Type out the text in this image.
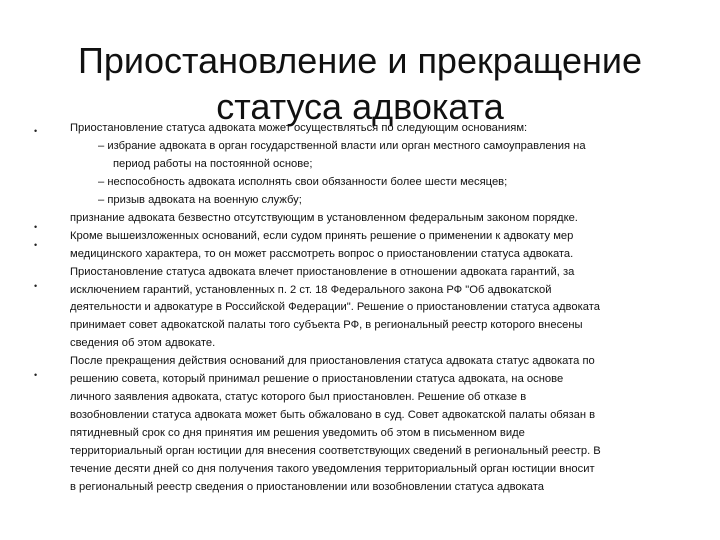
Приостановление и прекращение
статуса адвоката
•
•
•
•
•
Приостановление статуса адвоката может осуществляться по следующим основаниям:
– избрание адвоката в орган государственной власти или орган местного самоуправления на
период работы на постоянной основе;
– неспособность адвоката исполнять свои обязанности более шести месяцев;
– призыв адвоката на военную службу;
признание адвоката безвестно отсутствующим в установленном федеральным законом порядке.
Кроме вышеизложенных оснований, если судом принять решение о применении к адвокату мер
медицинского характера, то он может рассмотреть вопрос о приостановлении статуса адвоката.
Приостановление статуса адвоката влечет приостановление в отношении адвоката гарантий, за
исключением гарантий, установленных п. 2 ст. 18 Федерального закона РФ "Об адвокатской
деятельности и адвокатуре в Российской Федерации". Решение о приостановлении статуса адвоката
принимает совет адвокатской палаты того субъекта РФ, в региональный реестр которого внесены
сведения об этом адвокате.
После прекращения действия оснований для приостановления статуса адвоката статус адвоката по
решению совета, который принимал решение о приостановлении статуса адвоката, на основе
личного заявления адвоката, статус которого был приостановлен. Решение об отказе в
возобновлении статуса адвоката может быть обжаловано в суд. Совет адвокатской палаты обязан в
пятидневный срок со дня принятия им решения уведомить об этом в письменном виде
территориальный орган юстиции для внесения соответствующих сведений в региональный реестр. В
течение десяти дней со дня получения такого уведомления территориальный орган юстиции вносит
в региональный реестр сведения о приостановлении или возобновлении статуса адвоката
